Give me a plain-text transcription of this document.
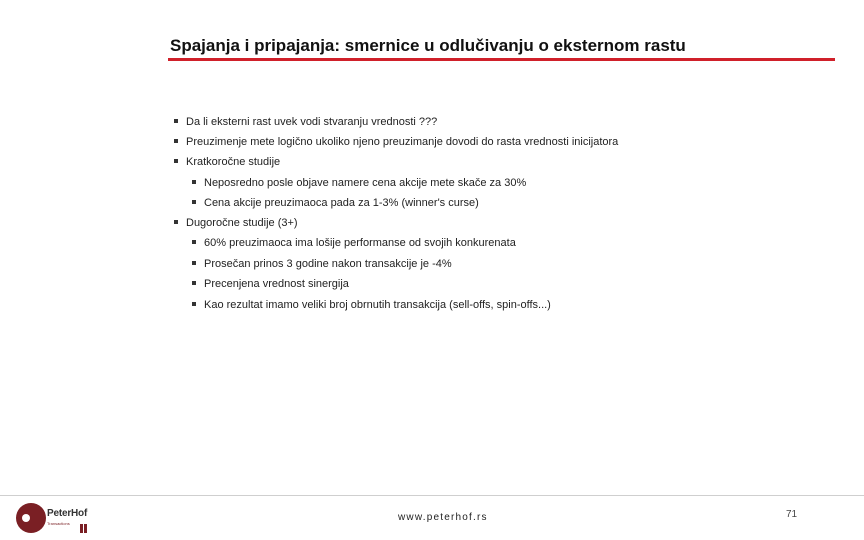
Spajanja i pripajanja: smernice u odlučivanju o eksternom rastu
Da li eksterni rast uvek vodi stvaranju vrednosti ???
Preuzimenje mete logično ukoliko njeno preuzimanje dovodi do rasta vrednosti inicijatora
Kratkoročne studije
Neposredno posle objave namere cena akcije mete skače za 30%
Cena akcije preuzimaoca pada za 1-3% (winner's curse)
Dugoročne studije (3+)
60% preuzimaoca ima lošije performanse od svojih konkurenata
Prosečan prinos 3 godine nakon transakcije je -4%
Precenjena vrednost sinergija
Kao rezultat imamo veliki broj obrnutih transakcija (sell-offs, spin-offs...)
PeterHof
Transactions
www.peterhof.rs	71
